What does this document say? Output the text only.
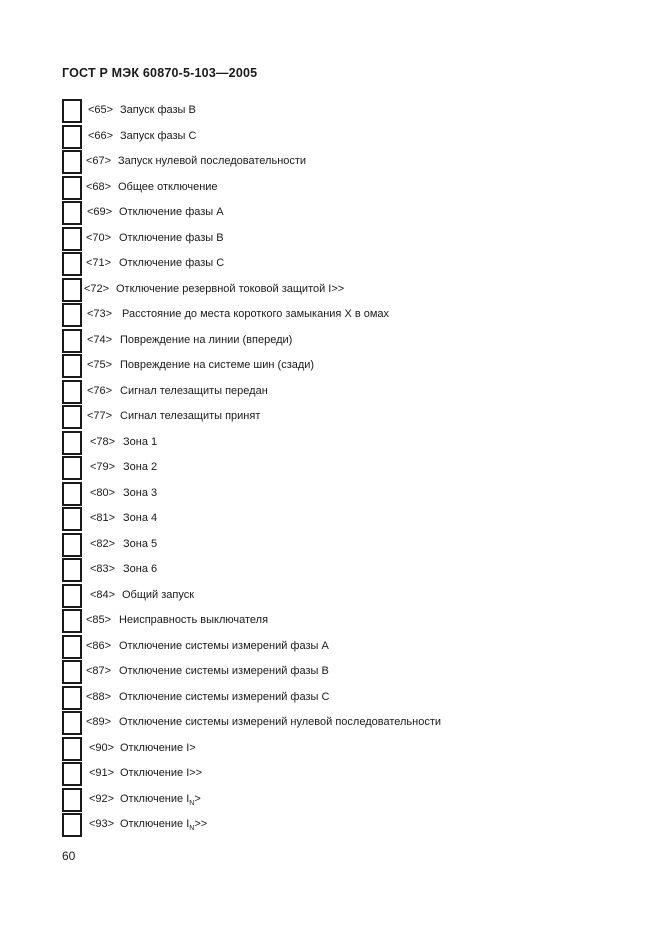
ГОСТ Р МЭК 60870-5-103—2005
<65> Запуск фазы B
<66> Запуск фазы C
<67> Запуск нулевой последовательности
<68> Общее отключение
<69> Отключение фазы A
<70> Отключение фазы B
<71> Отключение фазы C
<72> Отключение резервной токовой защитой I>>
<73> Расстояние до места короткого замыкания X в омах
<74> Повреждение на линии (впереди)
<75> Повреждение на системе шин (сзади)
<76> Сигнал телезащиты передан
<77> Сигнал телезащиты принят
<78> Зона 1
<79> Зона 2
<80> Зона 3
<81> Зона 4
<82> Зона 5
<83> Зона 6
<84> Общий запуск
<85> Неисправность выключателя
<86> Отключение системы измерений фазы A
<87> Отключение системы измерений фазы B
<88> Отключение системы измерений фазы C
<89> Отключение системы измерений нулевой последовательности
<90> Отключение I>
<91> Отключение I>>
<92> Отключение $I_N>$
<93> Отключение $I_N>>$
60
